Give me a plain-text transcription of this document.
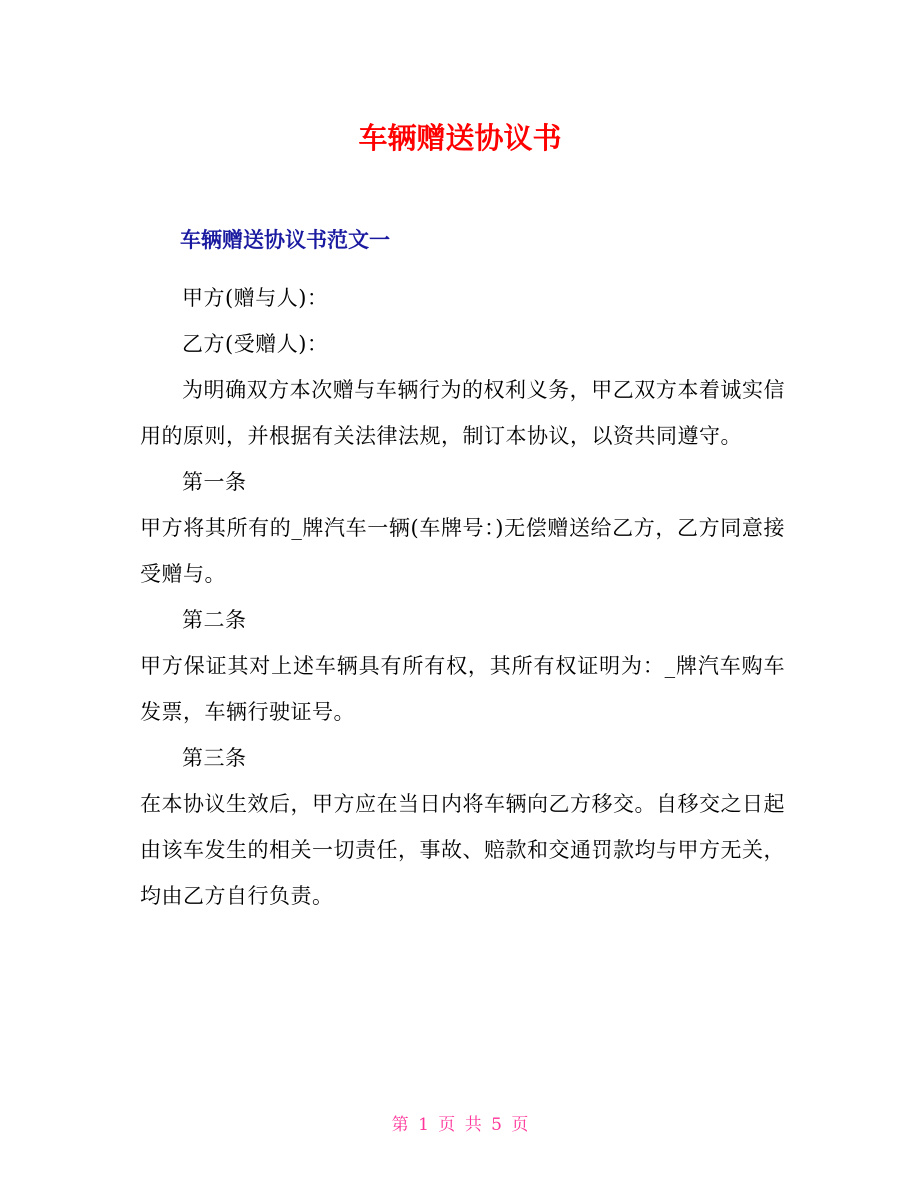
车辆赠送协议书
车辆赠送协议书范文一

甲方(赠与人)：

乙方(受赠人)：

为明确双方本次赠与车辆行为的权利义务，甲乙双方本着诚实信用的原则，并根据有关法律法规，制订本协议，以资共同遵守。

第一条

甲方将其所有的_牌汽车一辆(车牌号：)无偿赠送给乙方，乙方同意接受赠与。

第二条

甲方保证其对上述车辆具有所有权，其所有权证明为：_牌汽车购车发票，车辆行驶证号。

第三条

在本协议生效后，甲方应在当日内将车辆向乙方移交。自移交之日起由该车发生的相关一切责任，事故、赔款和交通罚款均与甲方无关，均由乙方自行负责。

第 1 页 共 5 页
